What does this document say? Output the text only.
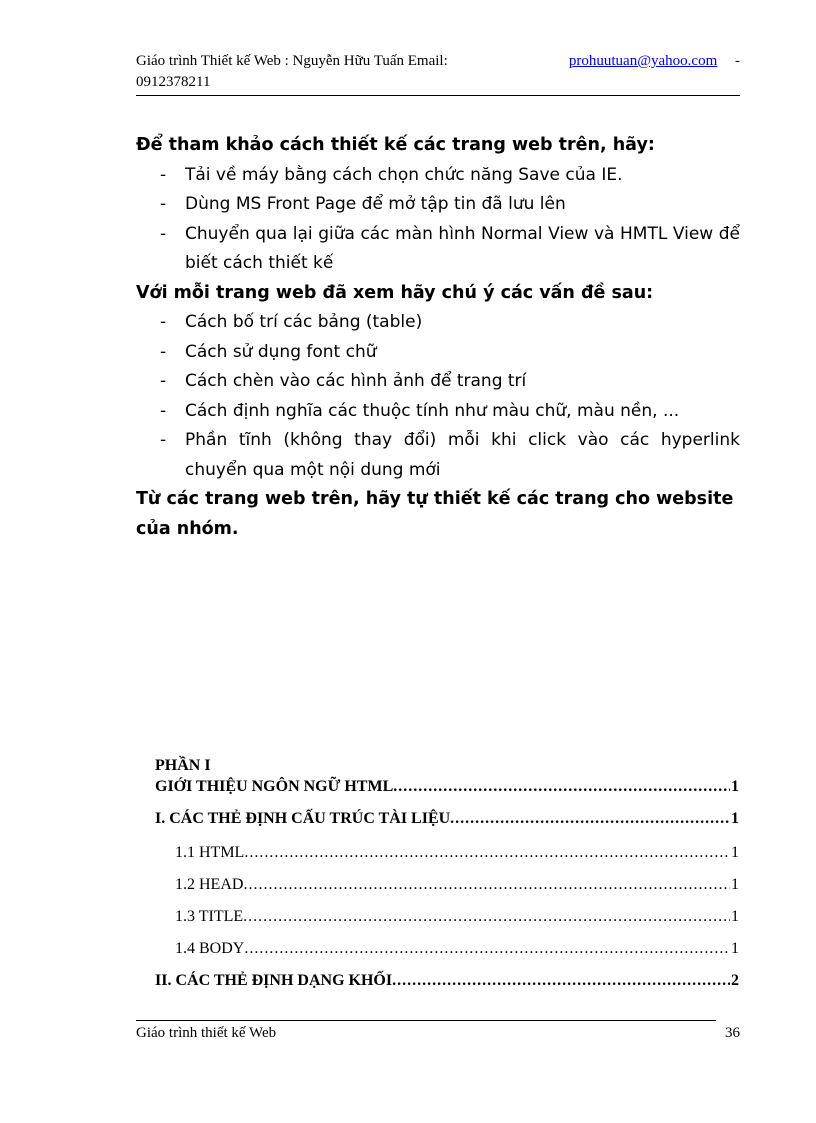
Giáo trình Thiết kế Web : Nguyễn Hữu Tuấn Email:	prohuutuan@yahoo.com -
0912378211
Để tham khảo cách thiết kế các trang web trên, hãy:
- Tải về máy bằng cách chọn chức năng Save của IE.
- Dùng MS Front Page để mở tập tin đã lưu lên
- Chuyển qua lại giữa các màn hình Normal View và HMTL View để biết cách thiết kế
Với mỗi trang web đã xem hãy chú ý các vấn đề sau:
- Cách bố trí các bảng (table)
- Cách sử dụng font chữ
- Cách chèn vào các hình ảnh để trang trí
- Cách định nghĩa các thuộc tính như màu chữ, màu nền, ...
- Phần tĩnh (không thay đổi) mỗi khi click vào các hyperlink chuyển qua một nội dung mới
Từ các trang web trên, hãy tự thiết kế các trang cho website của nhóm.
PHẦN I
GIỚI THIỆU NGÔN NGỮ HTML .....	1
I. CÁC THẺ ĐỊNH CẤU TRÚC TÀI LIỆU .....	1
1.1 HTML .....	1
1.2 HEAD .....	1
1.3 TITLE .....	1
1.4 BODY .....	1
II. CÁC THẺ ĐỊNH DẠNG KHỐI .....	2
Giáo trình thiết kế Web	36
